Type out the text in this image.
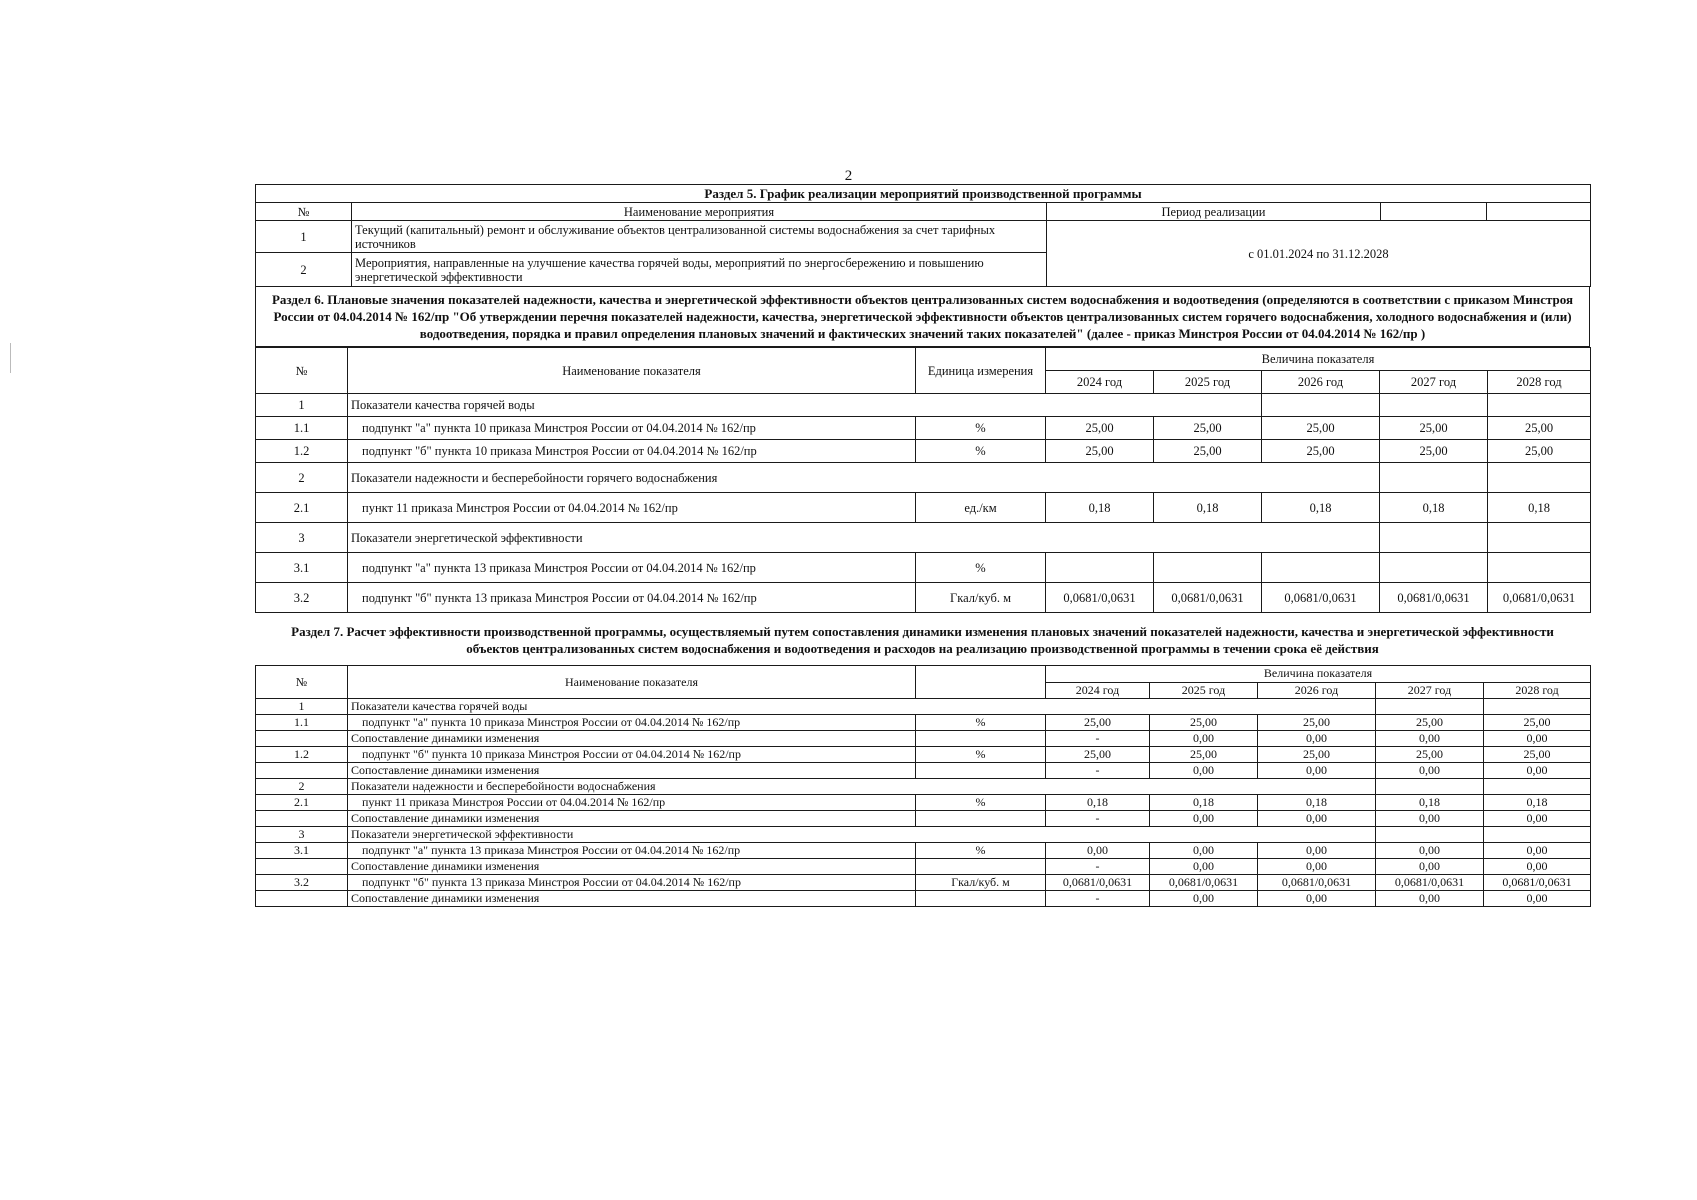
2
Раздел 5. График реализации мероприятий производственной программы				
№	Наименование мероприятия	Период реализации		
1	Текущий (капитальный) ремонт и обслуживание объектов централизованной системы водоснабжения за счет тарифных источников	с 01.01.2024 по 31.12.2028		
2	Мероприятия, направленные на улучшение качества горячей воды, мероприятий по энергосбережению и повышению энергетической эффективности			
Раздел 6. Плановые значения показателей надежности, качества и энергетической эффективности объектов централизованных систем водоснабжения и водоотведения (определяются в соответствии с приказом Минстроя России от 04.04.2014 № 162/пр "Об утверждении перечня показателей надежности, качества, энергетической эффективности объектов централизованных систем горячего водоснабжения, холодного водоснабжения и (или) водоотведения, порядка и правил определения плановых значений и фактических значений таких показателей" (далее - приказ Минстроя России от 04.04.2014 № 162/пр )
№	Наименование показателя	Единица измерения	Величина показателя				
			2024 год	2025 год	2026 год	2027 год	2028 год
1	Показатели качества горячей воды						
1.1	подпункт "а" пункта 10 приказа Минстроя России от 04.04.2014 № 162/пр	%	25,00	25,00	25,00	25,00	25,00
1.2	подпункт "б" пункта 10 приказа Минстроя России от 04.04.2014 № 162/пр	%	25,00	25,00	25,00	25,00	25,00
2	Показатели надежности и бесперебойности горячего водоснабжения						
2.1	пункт 11 приказа Минстроя России от 04.04.2014 № 162/пр	ед./км	0,18	0,18	0,18	0,18	0,18
3	Показатели энергетической эффективности						
3.1	подпункт "а" пункта 13 приказа Минстроя России от 04.04.2014 № 162/пр	%					
3.2	подпункт "б" пункта 13 приказа Минстроя России от 04.04.2014 № 162/пр	Гкал/куб. м	0,0681/0,0631	0,0681/0,0631	0,0681/0,0631	0,0681/0,0631	0,0681/0,0631
Раздел 7. Расчет эффективности производственной программы, осуществляемый путем сопоставления динамики изменения плановых значений показателей надежности, качества и энергетической эффективности объектов централизованных систем водоснабжения и водоотведения и расходов на реализацию производственной программы в течении срока её действия
№	Наименование показателя		Величина показателя				
			2024 год	2025 год	2026 год	2027 год	2028 год
1	Показатели качества горячей воды						
1.1	подпункт "а" пункта 10 приказа Минстроя России от 04.04.2014 № 162/пр	%	25,00	25,00	25,00	25,00	25,00
	Сопоставление динамики изменения		-	0,00	0,00	0,00	0,00
1.2	подпункт "б" пункта 10 приказа Минстроя России от 04.04.2014 № 162/пр	%	25,00	25,00	25,00	25,00	25,00
	Сопоставление динамики изменения		-	0,00	0,00	0,00	0,00
2	Показатели надежности и бесперебойности водоснабжения						
2.1	пункт 11 приказа Минстроя России от 04.04.2014 № 162/пр	%	0,18	0,18	0,18	0,18	0,18
	Сопоставление динамики изменения		-	0,00	0,00	0,00	0,00
3	Показатели энергетической эффективности						
3.1	подпункт "а" пункта 13 приказа Минстроя России от 04.04.2014 № 162/пр	%	0,00	0,00	0,00	0,00	0,00
	Сопоставление динамики изменения		-	0,00	0,00	0,00	0,00
3.2	подпункт "б" пункта 13 приказа Минстроя России от 04.04.2014 № 162/пр	Гкал/куб. м	0,0681/0,0631	0,0681/0,0631	0,0681/0,0631	0,0681/0,0631	0,0681/0,0631
	Сопоставление динамики изменения		-	0,00	0,00	0,00	0,00
